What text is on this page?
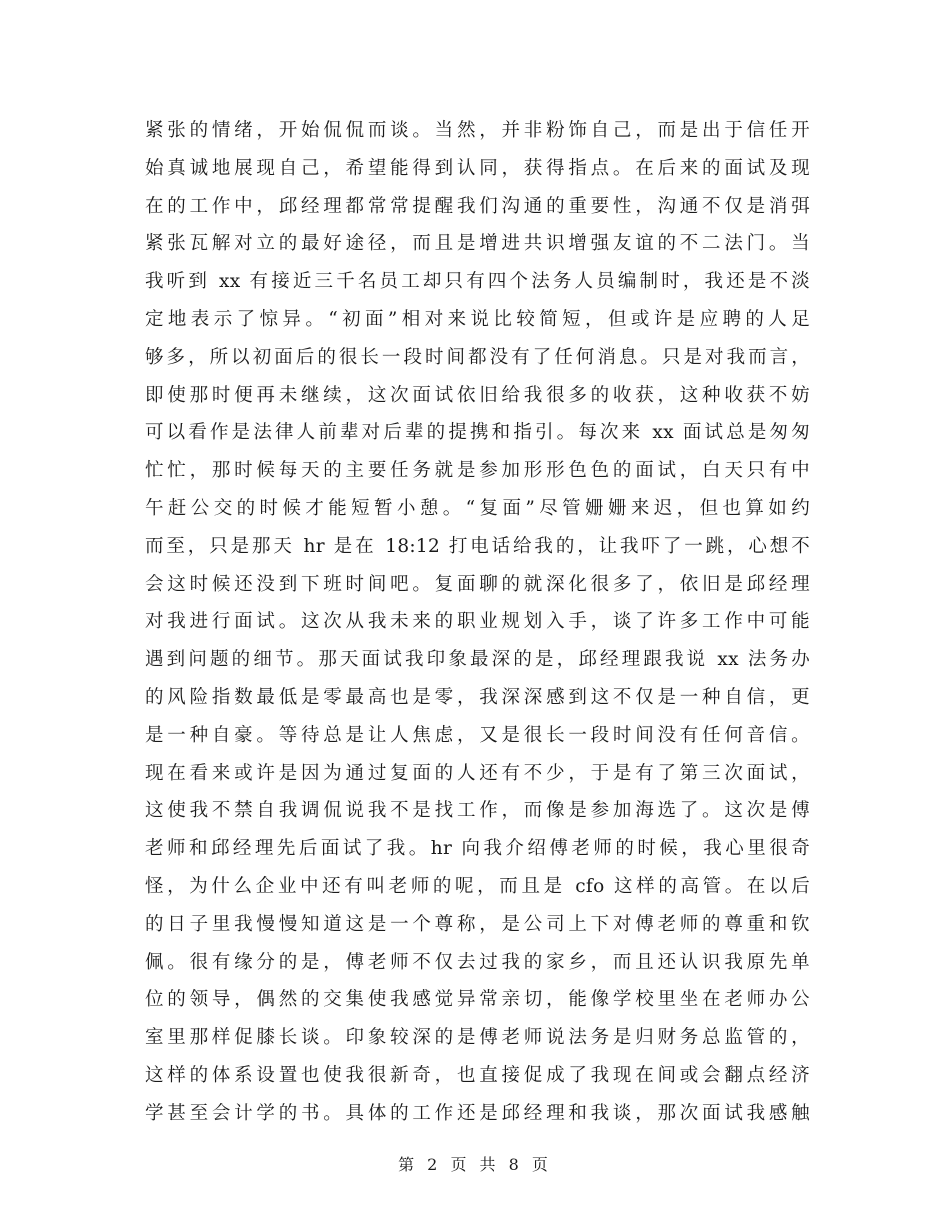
紧张的情绪，开始侃侃而谈。当然，并非粉饰自己，而是出于信任开
始真诚地展现自己，希望能得到认同，获得指点。在后来的面试及现
在的工作中，邱经理都常常提醒我们沟通的重要性，沟通不仅是消弭
紧张瓦解对立的最好途径，而且是增进共识增强友谊的不二法门。当
我听到 xx 有接近三千名员工却只有四个法务人员编制时，我还是不淡
定地表示了惊异。“初面”相对来说比较简短，但或许是应聘的人足
够多，所以初面后的很长一段时间都没有了任何消息。只是对我而言，
即使那时便再未继续，这次面试依旧给我很多的收获，这种收获不妨
可以看作是法律人前辈对后辈的提携和指引。每次来 xx 面试总是匆匆
忙忙，那时候每天的主要任务就是参加形形色色的面试，白天只有中
午赶公交的时候才能短暂小憩。“复面”尽管姗姗来迟，但也算如约
而至，只是那天 hr 是在 18:12 打电话给我的，让我吓了一跳，心想不
会这时候还没到下班时间吧。复面聊的就深化很多了，依旧是邱经理
对我进行面试。这次从我未来的职业规划入手，谈了许多工作中可能
遇到问题的细节。那天面试我印象最深的是，邱经理跟我说 xx 法务办
的风险指数最低是零最高也是零，我深深感到这不仅是一种自信，更
是一种自豪。等待总是让人焦虑，又是很长一段时间没有任何音信。
现在看来或许是因为通过复面的人还有不少，于是有了第三次面试，
这使我不禁自我调侃说我不是找工作，而像是参加海选了。这次是傅
老师和邱经理先后面试了我。hr 向我介绍傅老师的时候，我心里很奇
怪，为什么企业中还有叫老师的呢，而且是 cfo 这样的高管。在以后
的日子里我慢慢知道这是一个尊称，是公司上下对傅老师的尊重和钦
佩。很有缘分的是，傅老师不仅去过我的家乡，而且还认识我原先单
位的领导，偶然的交集使我感觉异常亲切，能像学校里坐在老师办公
室里那样促膝长谈。印象较深的是傅老师说法务是归财务总监管的，
这样的体系设置也使我很新奇，也直接促成了我现在间或会翻点经济
学甚至会计学的书。具体的工作还是邱经理和我谈，那次面试我感触
第 2 页 共 8 页
